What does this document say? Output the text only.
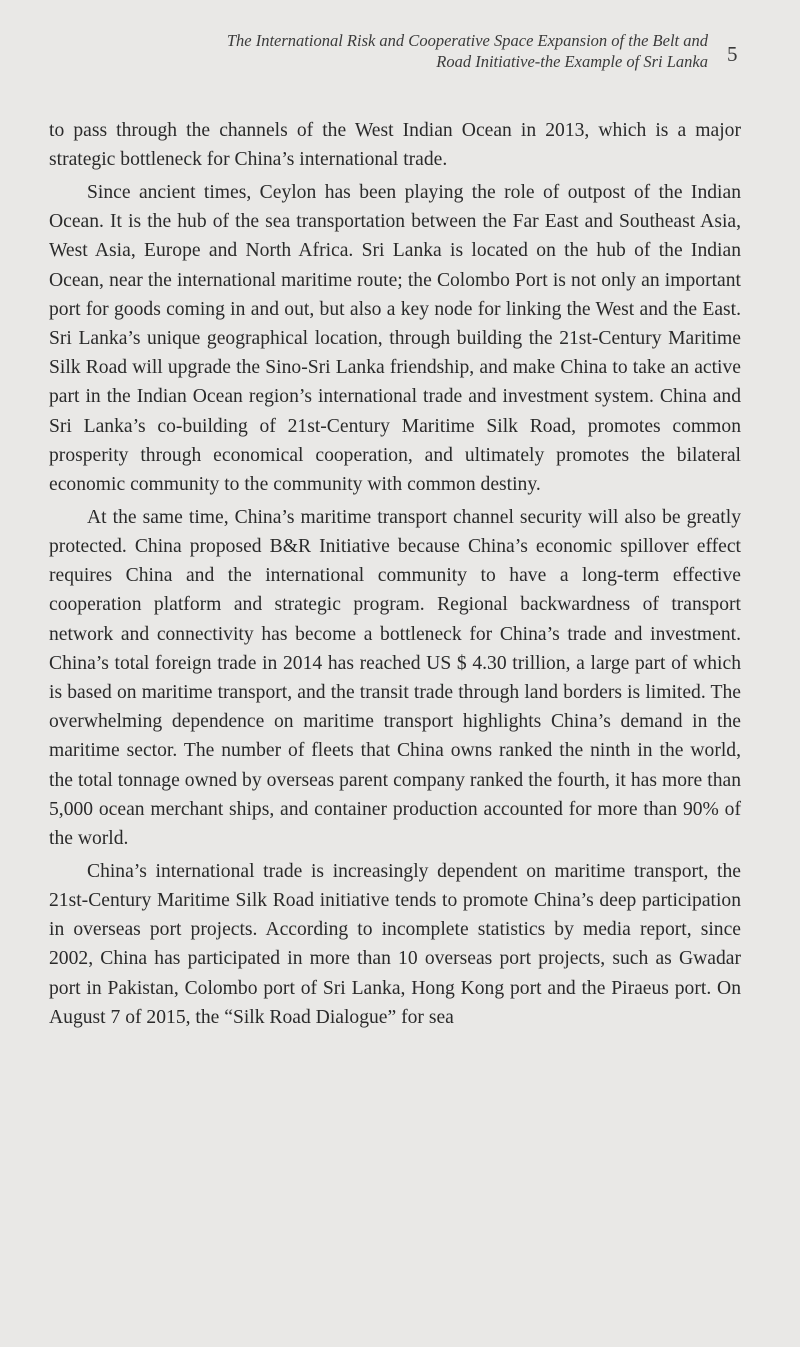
The International Risk and Cooperative Space Expansion of the Belt and
Road Initiative-the Example of Sri Lanka 5

to pass through the channels of the West Indian Ocean in 2013, which is a major strategic bottleneck for China’s international trade.

Since ancient times, Ceylon has been playing the role of outpost of the Indian Ocean. It is the hub of the sea transportation between the Far East and Southeast Asia, West Asia, Europe and North Africa. Sri Lanka is located on the hub of the Indian Ocean, near the international maritime route; the Colombo Port is not only an important port for goods coming in and out, but also a key node for linking the West and the East. Sri Lanka’s unique geographical location, through building the 21st-Century Maritime Silk Road will upgrade the Sino-Sri Lanka friendship, and make China to take an active part in the Indian Ocean region’s international trade and investment system. China and Sri Lanka’s co-building of 21st-Century Maritime Silk Road, promotes common prosperity through economical cooperation, and ultimately promotes the bilateral economic community to the community with common destiny.

At the same time, China’s maritime transport channel security will also be greatly protected. China proposed B&R Initiative because China’s economic spillover effect requires China and the international community to have a long-term effective cooperation platform and strategic program. Regional backwardness of transport network and connectivity has become a bottleneck for China’s trade and investment. China’s total foreign trade in 2014 has reached US $ 4.30 trillion, a large part of which is based on maritime transport, and the transit trade through land borders is limited. The overwhelming dependence on maritime transport highlights China’s demand in the maritime sector. The number of fleets that China owns ranked the ninth in the world, the total tonnage owned by overseas parent company ranked the fourth, it has more than 5,000 ocean merchant ships, and container production accounted for more than 90% of the world.

China’s international trade is increasingly dependent on maritime transport, the 21st-Century Maritime Silk Road initiative tends to promote China’s deep participation in overseas port projects. According to incomplete statistics by media report, since 2002, China has participated in more than 10 overseas port projects, such as Gwadar port in Pakistan, Colombo port of Sri Lanka, Hong Kong port and the Piraeus port. On August 7 of 2015, the “Silk Road Dialogue” for sea
